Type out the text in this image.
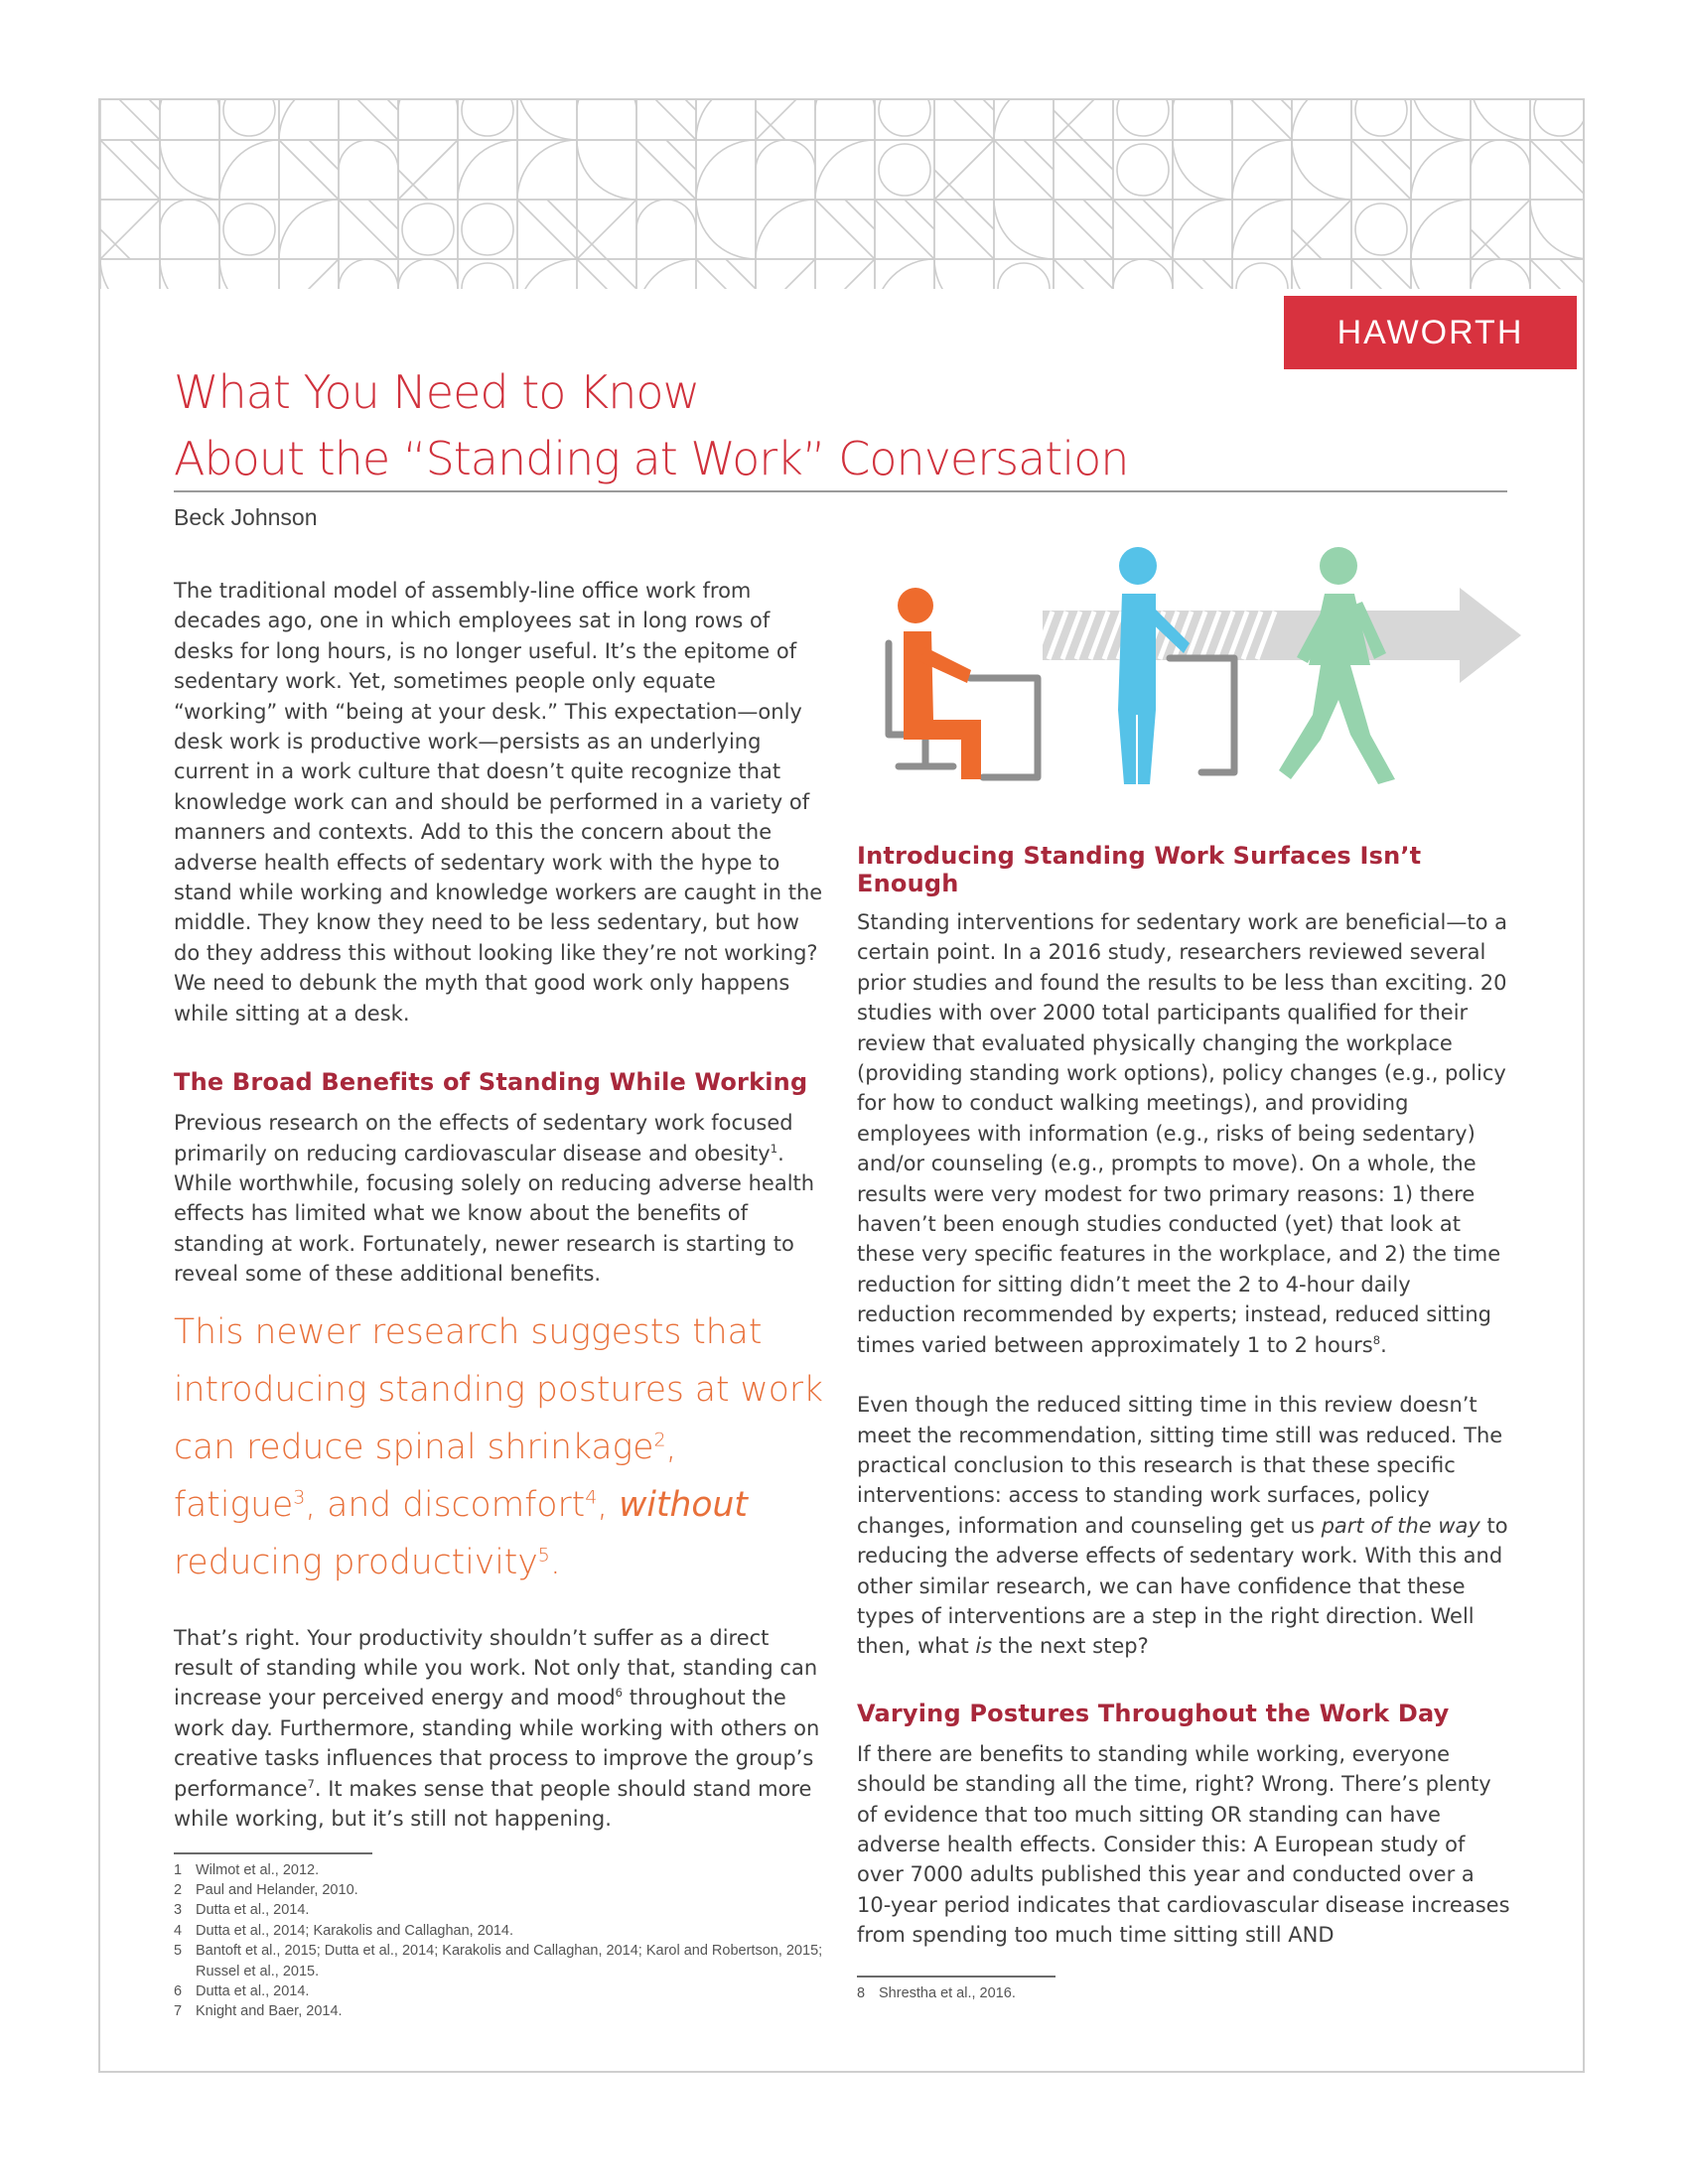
HAWORTH
What You Need to Know
About the “Standing at Work” Conversation
Beck Johnson

The traditional model of assembly-line office work from decades ago, one in which employees sat in long rows of desks for long hours, is no longer useful. It’s the epitome of sedentary work. Yet, sometimes people only equate “working” with “being at your desk.” This expectation—only desk work is productive work—persists as an underlying current in a work culture that doesn’t quite recognize that knowledge work can and should be performed in a variety of manners and contexts. Add to this the concern about the adverse health effects of sedentary work with the hype to stand while working and knowledge workers are caught in the middle. They know they need to be less sedentary, but how do they address this without looking like they’re not working? We need to debunk the myth that good work only happens while sitting at a desk.

The Broad Benefits of Standing While Working

Previous research on the effects of sedentary work focused primarily on reducing cardiovascular disease and obesity$^1$. While worthwhile, focusing solely on reducing adverse health effects has limited what we know about the benefits of standing at work. Fortunately, newer research is starting to reveal some of these additional benefits.

This newer research suggests that introducing standing postures at work can reduce spinal shrinkage$^2$, fatigue$^3$, and discomfort$^4$, without reducing productivity$^5$.

That’s right. Your productivity shouldn’t suffer as a direct result of standing while you work. Not only that, standing can increase your perceived energy and mood$^6$ throughout the work day. Furthermore, standing while working with others on creative tasks influences that process to improve the group’s performance$^7$. It makes sense that people should stand more while working, but it’s still not happening.

1 Wilmot et al., 2012.
2 Paul and Helander, 2010.
3 Dutta et al., 2014.
4 Dutta et al., 2014; Karakolis and Callaghan, 2014.
5 Bantoft et al., 2015; Dutta et al., 2014; Karakolis and Callaghan, 2014; Karol and Robertson, 2015; Russel et al., 2015.
6 Dutta et al., 2014.
7 Knight and Baer, 2014.

Introducing Standing Work Surfaces Isn’t Enough

Standing interventions for sedentary work are beneficial—to a certain point. In a 2016 study, researchers reviewed several prior studies and found the results to be less than exciting. 20 studies with over 2000 total participants qualified for their review that evaluated physically changing the workplace (providing standing work options), policy changes (e.g., policy for how to conduct walking meetings), and providing employees with information (e.g., risks of being sedentary) and/or counseling (e.g., prompts to move). On a whole, the results were very modest for two primary reasons: 1) there haven’t been enough studies conducted (yet) that look at these very specific features in the workplace, and 2) the time reduction for sitting didn’t meet the 2 to 4-hour daily reduction recommended by experts; instead, reduced sitting times varied between approximately 1 to 2 hours$^8$.

Even though the reduced sitting time in this review doesn’t meet the recommendation, sitting time still was reduced. The practical conclusion to this research is that these specific interventions: access to standing work surfaces, policy changes, information and counseling get us part of the way to reducing the adverse effects of sedentary work. With this and other similar research, we can have confidence that these types of interventions are a step in the right direction. Well then, what is the next step?

Varying Postures Throughout the Work Day

If there are benefits to standing while working, everyone should be standing all the time, right? Wrong. There’s plenty of evidence that too much sitting OR standing can have adverse health effects. Consider this: A European study of over 7000 adults published this year and conducted over a 10-year period indicates that cardiovascular disease increases from spending too much time sitting still AND

8 Shrestha et al., 2016.
